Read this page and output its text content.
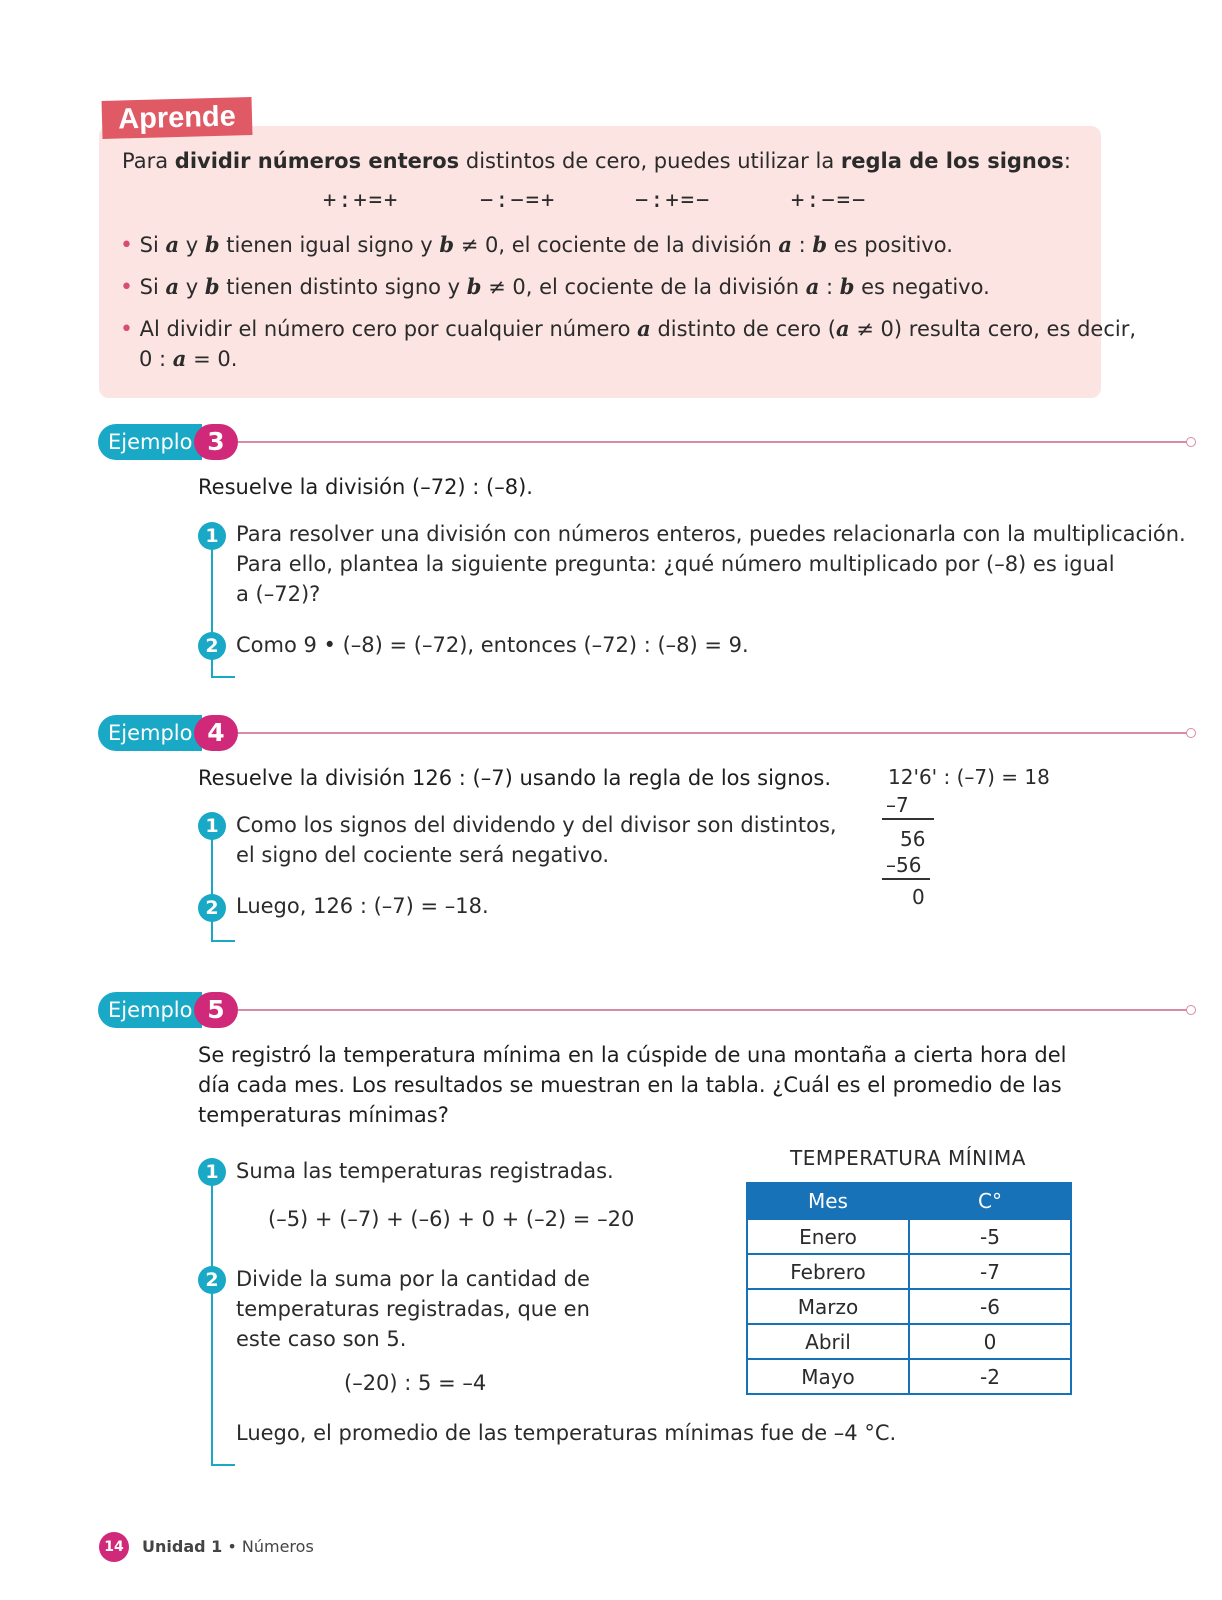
Aprende
Para dividir números enteros distintos de cero, puedes utilizar la regla de los signos:
+:+=+	−:−=+	−:+=−	+:−=−
• Si a y b tienen igual signo y b ≠ 0, el cociente de la división a : b es positivo.
• Si a y b tienen distinto signo y b ≠ 0, el cociente de la división a : b es negativo.
• Al dividir el número cero por cualquier número a distinto de cero (a ≠ 0) resulta cero, es decir,
0 : a = 0.
Ejemplo 3
Resuelve la división (–72) : (–8).
1 Para resolver una división con números enteros, puedes relacionarla con la multiplicación.
Para ello, plantea la siguiente pregunta: ¿qué número multiplicado por (–8) es igual
a (–72)?
2 Como 9 • (–8) = (–72), entonces (–72) : (–8) = 9.
Ejemplo 4
Resuelve la división 126 : (–7) usando la regla de los signos.
1 Como los signos del dividendo y del divisor son distintos,
el signo del cociente será negativo.
2 Luego, 126 : (–7) = –18.
12'6' : (–7) = 18
–7
56
–56
0
Ejemplo 5
Se registró la temperatura mínima en la cúspide de una montaña a cierta hora del
día cada mes. Los resultados se muestran en la tabla. ¿Cuál es el promedio de las
temperaturas mínimas?
1 Suma las temperaturas registradas.
(–5) + (–7) + (–6) + 0 + (–2) = –20
2 Divide la suma por la cantidad de
temperaturas registradas, que en
este caso son 5.
(–20) : 5 = –4
Luego, el promedio de las temperaturas mínimas fue de –4 °C.
TEMPERATURA MÍNIMA
Mes	C°
Enero	-5
Febrero	-7
Marzo	-6
Abril	0
Mayo	-2
14	Unidad 1 • Números
